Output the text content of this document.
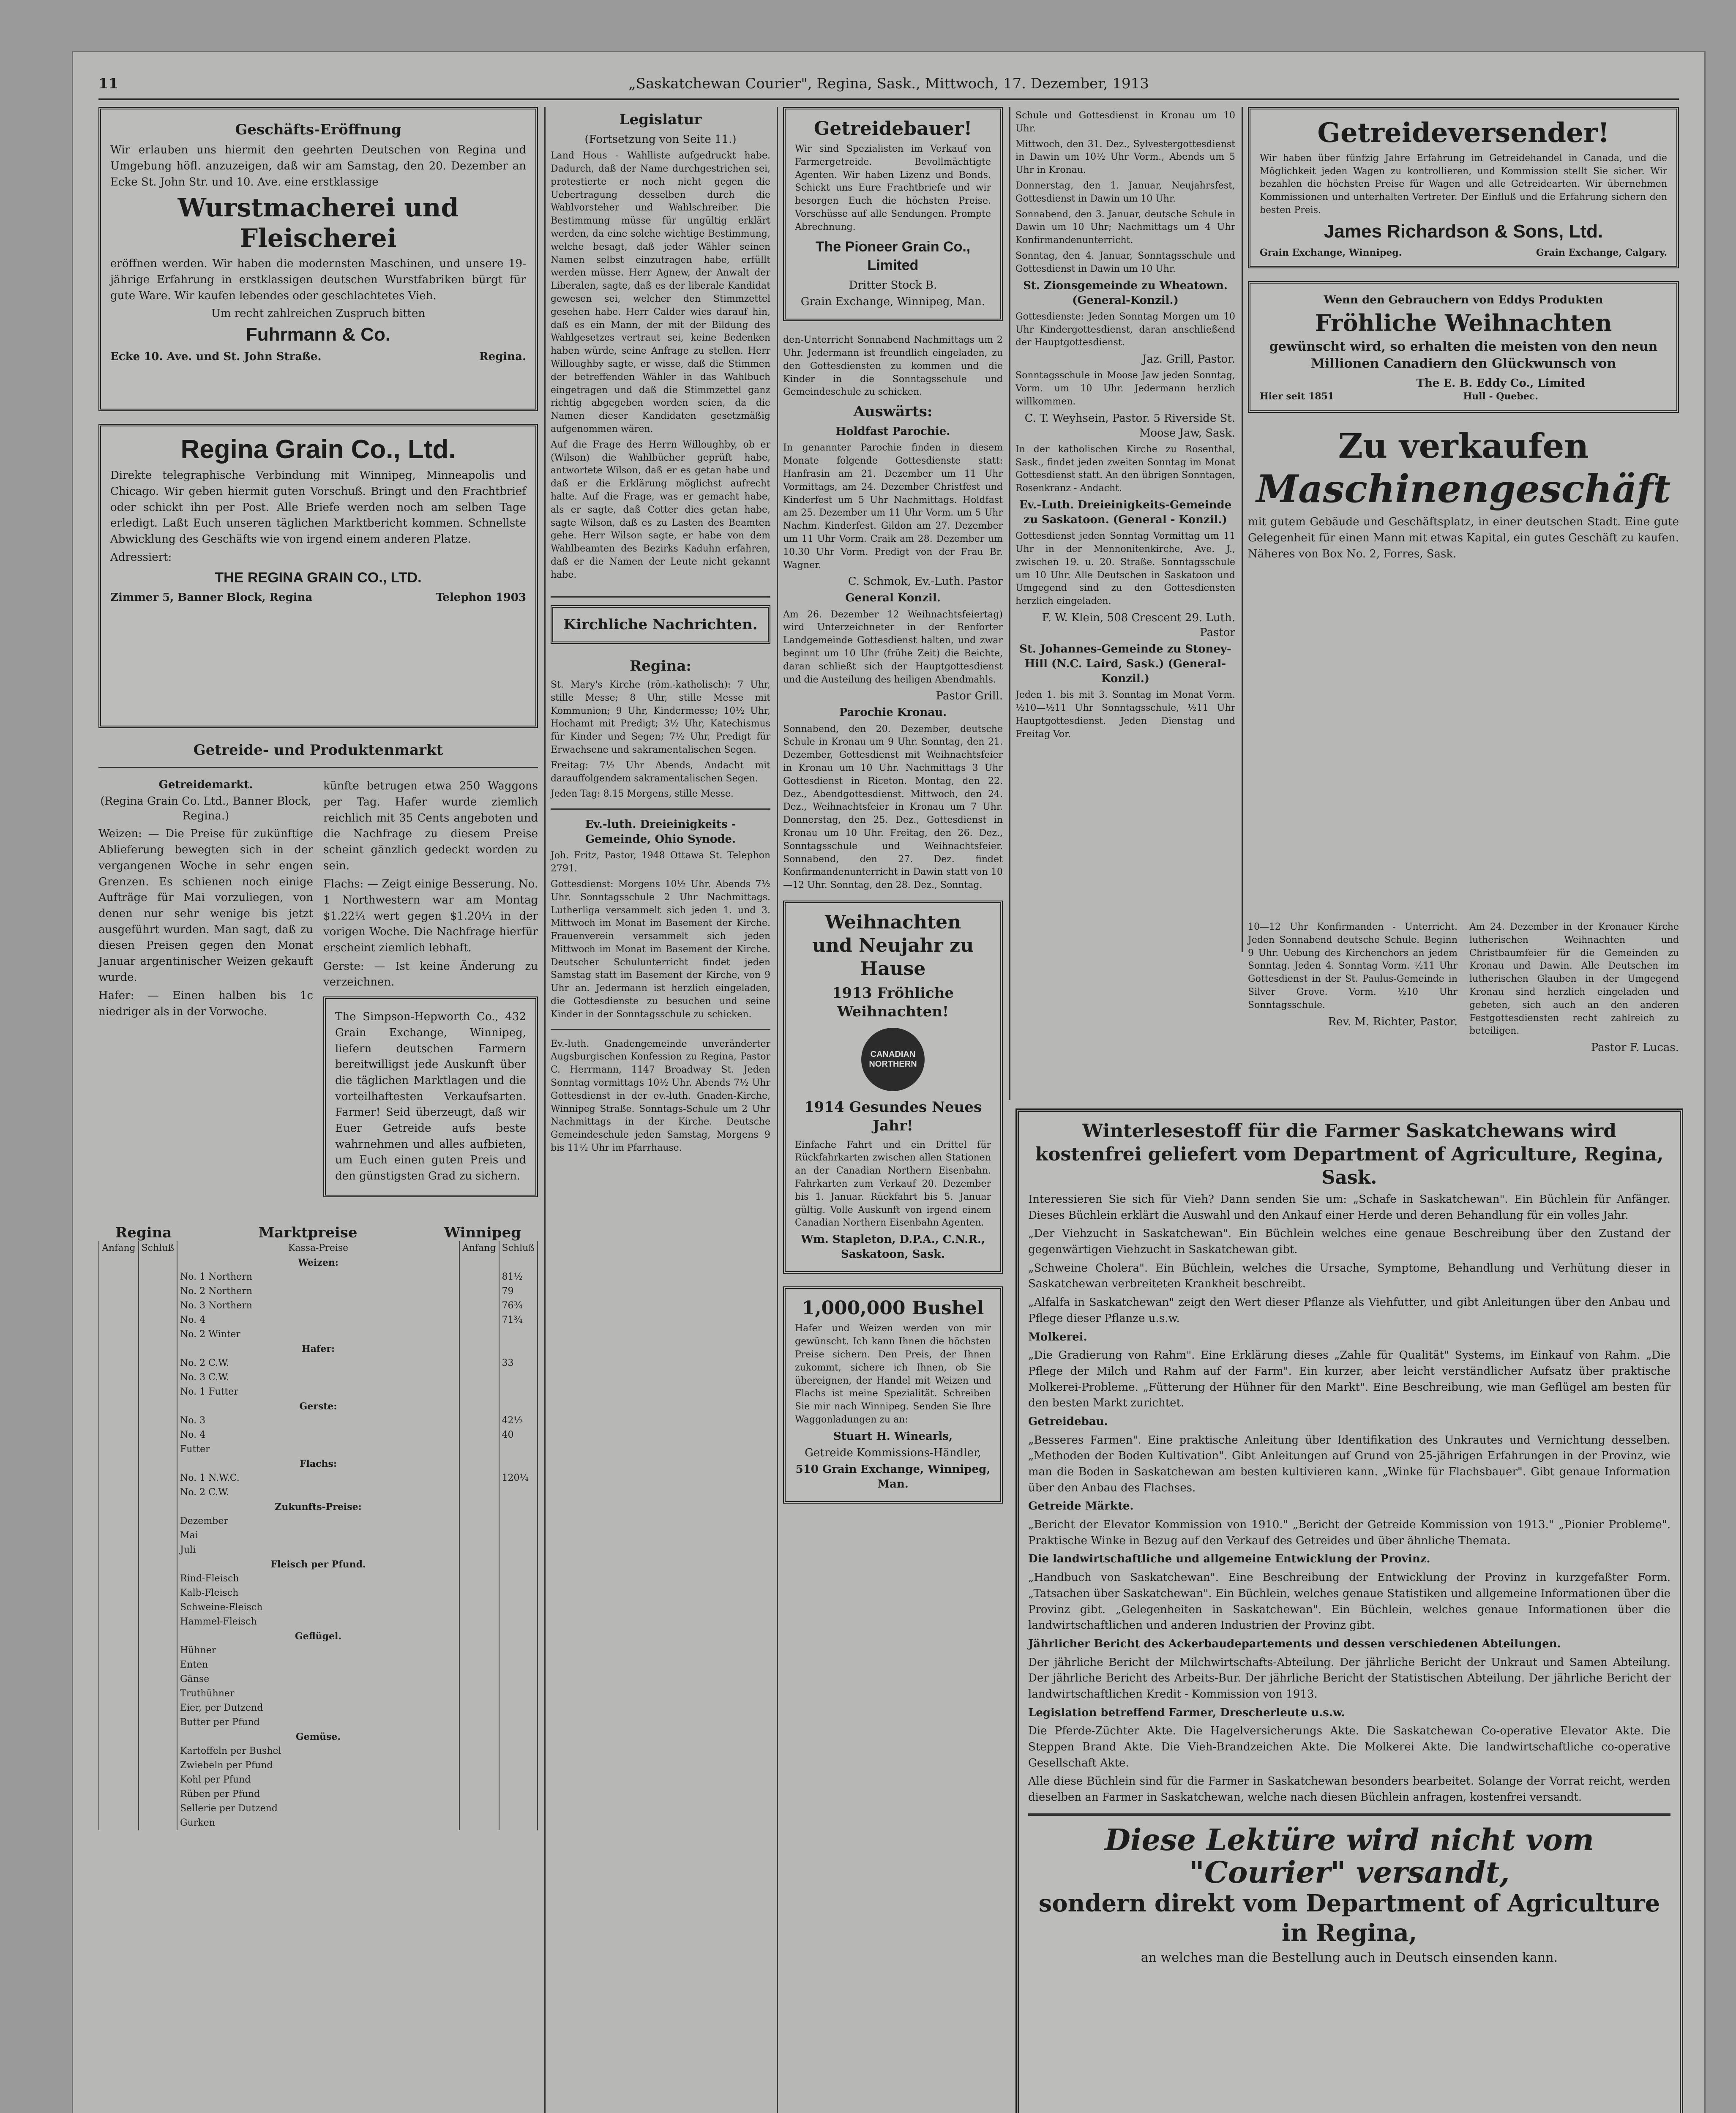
11	„Saskatchewan Courier", Regina, Sask., Mittwoch, 17. Dezember, 1913
Geschäfts-Eröffnung
Wir erlauben uns hiermit den geehrten Deutschen von Regina und Umgebung höfl. anzuzeigen, daß wir am Samstag, den 20. Dezember an Ecke St. John Str. und 10. Ave. eine erstklassige
Wurstmacherei und Fleischerei
eröffnen werden. Wir haben die modernsten Maschinen, und unsere 19-jährige Erfahrung in erstklassigen deutschen Wurstfabriken bürgt für gute Ware. Wir kaufen lebendes oder geschlachtetes Vieh.
Um recht zahlreichen Zuspruch bitten
Fuhrmann & Co.
Ecke 10. Ave. und St. John Straße.	Regina.
Regina Grain Co., Ltd.
Direkte telegraphische Verbindung mit Winnipeg, Minneapolis und Chicago. Wir geben hiermit guten Vorschuß. Bringt und den Frachtbrief oder schickt ihn per Post. Alle Briefe werden noch am selben Tage erledigt. Laßt Euch unseren täglichen Marktbericht kommen. Schnellste Abwicklung des Geschäfts wie von irgend einem anderen Platze.
Adressiert:
THE REGINA GRAIN CO., LTD.
Zimmer 5, Banner Block, Regina	Telephon 1903
Getreide- und Produktenmarkt
Getreidemarkt.
(Regina Grain Co. Ltd., Banner Block, Regina.)
Weizen: — Die Preise für zukünftige Ablieferung bewegten sich in der vergangenen Woche in sehr engen Grenzen. Es schienen noch einige Aufträge für Mai vorzuliegen, von denen nur sehr wenige bis jetzt ausgeführt wurden. Man sagt, daß zu diesen Preisen gegen den Monat Januar argentinischer Weizen gekauft wurde.
Hafer: — Einen halben bis 1c niedriger als in der Vorwoche.
künfte betrugen etwa 250 Waggons per Tag. Hafer wurde ziemlich reichlich mit 35 Cents angeboten und die Nachfrage zu diesem Preise scheint gänzlich gedeckt worden zu sein.
Flachs: — Zeigt einige Besserung. No. 1 Northwestern war am Montag $1.22¼ wert gegen $1.20¼ in der vorigen Woche. Die Nachfrage hierfür erscheint ziemlich lebhaft.
Gerste: — Ist keine Änderung zu verzeichnen.
The Simpson-Hepworth Co., 432 Grain Exchange, Winnipeg, liefern deutschen Farmern bereitwilligst jede Auskunft über die täglichen Marktlagen und die vorteilhaftesten Verkaufsarten. Farmer! Seid überzeugt, daß wir Euer Getreide aufs beste wahrnehmen und alles aufbieten, um Euch einen guten Preis und den günstigsten Grad zu sichern.
Regina	Marktpreise	Winnipeg
Anfang	Schluß	Kassa-Preise	Anfang	Schluß
		Weizen:		
		No. 1 Northern		81½
		No. 2 Northern		79
		No. 3 Northern		76¾
		No. 4		71¾
		No. 2 Winter		
		Hafer:		
		No. 2 C.W.		33
		No. 3 C.W.		
		No. 1 Futter		
		Gerste:		
		No. 3		42½
		No. 4		40
		Futter		
		Flachs:		
		No. 1 N.W.C.		120¼
		No. 2 C.W.		
		Zukunfts-Preise:		
		Dezember		
		Mai		
		Juli		
		Fleisch per Pfund.		
		Rind-Fleisch		
		Kalb-Fleisch		
		Schweine-Fleisch		
		Hammel-Fleisch		
		Geflügel.		
		Hühner		
		Enten		
		Gänse		
		Truthühner		
		Eier, per Dutzend		
		Butter per Pfund		
		Gemüse.		
		Kartoffeln per Bushel		
		Zwiebeln per Pfund		
		Kohl per Pfund		
		Rüben per Pfund		
		Sellerie per Dutzend		
		Gurken		
Legislatur
(Fortsetzung von Seite 11.)
Land Hous - Wahlliste aufgedruckt habe. Dadurch, daß der Name durchgestrichen sei, protestierte er noch nicht gegen die Uebertragung desselben durch die Wahlvorsteher und Wahlschreiber. Die Bestimmung müsse für ungültig erklärt werden, da eine solche wichtige Bestimmung, welche besagt, daß jeder Wähler seinen Namen selbst einzutragen habe, erfüllt werden müsse. Herr Agnew, der Anwalt der Liberalen, sagte, daß es der liberale Kandidat gewesen sei, welcher den Stimmzettel gesehen habe. Herr Calder wies darauf hin, daß es ein Mann, der mit der Bildung des Wahlgesetzes vertraut sei, keine Bedenken haben würde, seine Anfrage zu stellen. Herr Willoughby sagte, er wisse, daß die Stimmen der betreffenden Wähler in das Wahlbuch eingetragen und daß die Stimmzettel ganz richtig abgegeben worden seien, da die Namen dieser Kandidaten gesetzmäßig aufgenommen wären.
Auf die Frage des Herrn Willoughby, ob er (Wilson) die Wahlbücher geprüft habe, antwortete Wilson, daß er es getan habe und daß er die Erklärung möglichst aufrecht halte. Auf die Frage, was er gemacht habe, als er sagte, daß Cotter dies getan habe, sagte Wilson, daß es zu Lasten des Beamten gehe. Herr Wilson sagte, er habe von dem Wahlbeamten des Bezirks Kaduhn erfahren, daß er die Namen der Leute nicht gekannt habe.
Kirchliche Nachrichten.
Regina:
St. Mary's Kirche (röm.-katholisch): 7 Uhr, stille Messe; 8 Uhr, stille Messe mit Kommunion; 9 Uhr, Kindermesse; 10½ Uhr, Hochamt mit Predigt; 3½ Uhr, Katechismus für Kinder und Segen; 7½ Uhr, Predigt für Erwachsene und sakramentalischen Segen.
Freitag: 7½ Uhr Abends, Andacht mit darauffolgendem sakramentalischen Segen.
Jeden Tag: 8.15 Morgens, stille Messe.
Ev.-luth. Dreieinigkeits - Gemeinde, Ohio Synode.
Joh. Fritz, Pastor, 1948 Ottawa St. Telephon 2791.
Gottesdienst: Morgens 10½ Uhr. Abends 7½ Uhr. Sonntagsschule 2 Uhr Nachmittags. Lutherliga versammelt sich jeden 1. und 3. Mittwoch im Monat im Basement der Kirche. Frauenverein versammelt sich jeden Mittwoch im Monat im Basement der Kirche. Deutscher Schulunterricht findet jeden Samstag statt im Basement der Kirche, von 9 Uhr an. Jedermann ist herzlich eingeladen, die Gottesdienste zu besuchen und seine Kinder in der Sonntagsschule zu schicken.
Ev.-luth. Gnadengemeinde unveränderter Augsburgischen Konfession zu Regina, Pastor C. Herrmann, 1147 Broadway St. Jeden Sonntag vormittags 10½ Uhr. Abends 7½ Uhr Gottesdienst in der ev.-luth. Gnaden-Kirche, Winnipeg Straße. Sonntags-Schule um 2 Uhr Nachmittags in der Kirche. Deutsche Gemeindeschule jeden Samstag, Morgens 9 bis 11½ Uhr im Pfarrhause.
Getreidebauer!
Wir sind Spezialisten im Verkauf von Farmergetreide. Bevollmächtigte Agenten. Wir haben Lizenz und Bonds. Schickt uns Eure Frachtbriefe und wir besorgen Euch die höchsten Preise. Vorschüsse auf alle Sendungen. Prompte Abrechnung.
The Pioneer Grain Co., Limited
Dritter Stock B.
Grain Exchange, Winnipeg, Man.
den-Unterricht Sonnabend Nachmittags um 2 Uhr. Jedermann ist freundlich eingeladen, zu den Gottesdiensten zu kommen und die Kinder in die Sonntagsschule und Gemeindeschule zu schicken.
Auswärts:
Holdfast Parochie.
In genannter Parochie finden in diesem Monate folgende Gottesdienste statt: Hanfrasin am 21. Dezember um 11 Uhr Vormittags, am 24. Dezember Christfest und Kinderfest um 5 Uhr Nachmittags. Holdfast am 25. Dezember um 11 Uhr Vorm. um 5 Uhr Nachm. Kinderfest. Gildon am 27. Dezember um 11 Uhr Vorm. Craik am 28. Dezember um 10.30 Uhr Vorm. Predigt von der Frau Br. Wagner.
C. Schmok, Ev.-Luth. Pastor
General Konzil.
Am 26. Dezember 12 Weihnachtsfeiertag) wird Unterzeichneter in der Renforter Landgemeinde Gottesdienst halten, und zwar beginnt um 10 Uhr (frühe Zeit) die Beichte, daran schließt sich der Hauptgottesdienst und die Austeilung des heiligen Abendmahls.
Pastor Grill.
Parochie Kronau.
Sonnabend, den 20. Dezember, deutsche Schule in Kronau um 9 Uhr. Sonntag, den 21. Dezember, Gottesdienst mit Weihnachtsfeier in Kronau um 10 Uhr. Nachmittags 3 Uhr Gottesdienst in Riceton. Montag, den 22. Dez., Abendgottesdienst. Mittwoch, den 24. Dez., Weihnachtsfeier in Kronau um 7 Uhr. Donnerstag, den 25. Dez., Gottesdienst in Kronau um 10 Uhr. Freitag, den 26. Dez., Sonntagsschule und Weihnachtsfeier. Sonnabend, den 27. Dez. findet Konfirmandenunterricht in Dawin statt von 10—12 Uhr. Sonntag, den 28. Dez., Sonntag.
Weihnachten
und Neujahr zu Hause
1913 Fröhliche Weihnachten!
CANADIAN NORTHERN
1914 Gesundes Neues Jahr!
Einfache Fahrt und ein Drittel für Rückfahrkarten zwischen allen Stationen an der Canadian Northern Eisenbahn. Fahrkarten zum Verkauf 20. Dezember bis 1. Januar. Rückfahrt bis 5. Januar gültig. Volle Auskunft von irgend einem Canadian Northern Eisenbahn Agenten.
Wm. Stapleton, D.P.A., C.N.R., Saskatoon, Sask.
1,000,000 Bushel
Hafer und Weizen werden von mir gewünscht. Ich kann Ihnen die höchsten Preise sichern. Den Preis, der Ihnen zukommt, sichere ich Ihnen, ob Sie übereignen, der Handel mit Weizen und Flachs ist meine Spezialität. Schreiben Sie mir nach Winnipeg. Senden Sie Ihre Waggonladungen zu an:
Stuart H. Winearls,
Getreide Kommissions-Händler,
510 Grain Exchange, Winnipeg, Man.
Schule und Gottesdienst in Kronau um 10 Uhr.
Mittwoch, den 31. Dez., Sylvestergottesdienst in Dawin um 10½ Uhr Vorm., Abends um 5 Uhr in Kronau.
Donnerstag, den 1. Januar, Neujahrsfest, Gottesdienst in Dawin um 10 Uhr.
Sonnabend, den 3. Januar, deutsche Schule in Dawin um 10 Uhr; Nachmittags um 4 Uhr Konfirmandenunterricht.
Sonntag, den 4. Januar, Sonntagsschule und Gottesdienst in Dawin um 10 Uhr.
St. Zionsgemeinde zu Wheatown. (General-Konzil.)
Gottesdienste: Jeden Sonntag Morgen um 10 Uhr Kindergottesdienst, daran anschließend der Hauptgottesdienst.
Jaz. Grill, Pastor.
Sonntagsschule in Moose Jaw jeden Sonntag, Vorm. um 10 Uhr. Jedermann herzlich willkommen.
C. T. Weyhsein, Pastor. 5 Riverside St. Moose Jaw, Sask.
In der katholischen Kirche zu Rosenthal, Sask., findet jeden zweiten Sonntag im Monat Gottesdienst statt. An den übrigen Sonntagen, Rosenkranz - Andacht.
Ev.-Luth. Dreieinigkeits-Gemeinde zu Saskatoon. (General - Konzil.)
Gottesdienst jeden Sonntag Vormittag um 11 Uhr in der Mennonitenkirche, Ave. J., zwischen 19. u. 20. Straße. Sonntagsschule um 10 Uhr. Alle Deutschen in Saskatoon und Umgegend sind zu den Gottesdiensten herzlich eingeladen.
F. W. Klein, 508 Crescent 29. Luth. Pastor
St. Johannes-Gemeinde zu Stoney-Hill (N.C. Laird, Sask.) (General-Konzil.)
Jeden 1. bis mit 3. Sonntag im Monat Vorm. ½10—½11 Uhr Sonntagsschule, ½11 Uhr Hauptgottesdienst. Jeden Dienstag und Freitag Vor.
Getreideversender!
Wir haben über fünfzig Jahre Erfahrung im Getreidehandel in Canada, und die Möglichkeit jeden Wagen zu kontrollieren, und Kommission stellt Sie sicher. Wir bezahlen die höchsten Preise für Wagen und alle Getreidearten. Wir übernehmen Kommissionen und unterhalten Vertreter. Der Einfluß und die Erfahrung sichern den besten Preis.
James Richardson & Sons, Ltd.
Grain Exchange, Winnipeg.	Grain Exchange, Calgary.
Wenn den Gebrauchern von Eddys Produkten
Fröhliche Weihnachten
gewünscht wird, so erhalten die meisten von den neun Millionen Canadiern den Glückwunsch von
Hier seit 1851
The E. B. Eddy Co., Limited
Hull - Quebec.
Zu verkaufen
Maschinengeschäft
mit gutem Gebäude und Geschäftsplatz, in einer deutschen Stadt. Eine gute Gelegenheit für einen Mann mit etwas Kapital, ein gutes Geschäft zu kaufen. Näheres von Box No. 2, Forres, Sask.
10—12 Uhr Konfirmanden - Unterricht. Jeden Sonnabend deutsche Schule. Beginn 9 Uhr. Uebung des Kirchenchors an jedem Sonntag. Jeden 4. Sonntag Vorm. ½11 Uhr Gottesdienst in der St. Paulus-Gemeinde in Silver Grove. Vorm. ½10 Uhr Sonntagsschule.
Rev. M. Richter, Pastor.
Am 24. Dezember in der Kronauer Kirche lutherischen Weihnachten und Christbaumfeier für die Gemeinden zu Kronau und Dawin. Alle Deutschen im lutherischen Glauben in der Umgegend Kronau sind herzlich eingeladen und gebeten, sich auch an den anderen Festgottesdiensten recht zahlreich zu beteiligen.
Pastor F. Lucas.
Winterlesestoff für die Farmer Saskatchewans wird kostenfrei geliefert vom Department of Agriculture, Regina, Sask.
Interessieren Sie sich für Vieh? Dann senden Sie um: „Schafe in Saskatchewan". Ein Büchlein für Anfänger. Dieses Büchlein erklärt die Auswahl und den Ankauf einer Herde und deren Behandlung für ein volles Jahr.
„Der Viehzucht in Saskatchewan". Ein Büchlein welches eine genaue Beschreibung über den Zustand der gegenwärtigen Viehzucht in Saskatchewan gibt.
„Schweine Cholera". Ein Büchlein, welches die Ursache, Symptome, Behandlung und Verhütung dieser in Saskatchewan verbreiteten Krankheit beschreibt.
„Alfalfa in Saskatchewan" zeigt den Wert dieser Pflanze als Viehfutter, und gibt Anleitungen über den Anbau und Pflege dieser Pflanze u.s.w.
Molkerei.
„Die Gradierung von Rahm". Eine Erklärung dieses „Zahle für Qualität" Systems, im Einkauf von Rahm. „Die Pflege der Milch und Rahm auf der Farm". Ein kurzer, aber leicht verständlicher Aufsatz über praktische Molkerei-Probleme. „Fütterung der Hühner für den Markt". Eine Beschreibung, wie man Geflügel am besten für den besten Markt zurichtet.
Getreidebau.
„Besseres Farmen". Eine praktische Anleitung über Identifikation des Unkrautes und Vernichtung desselben. „Methoden der Boden Kultivation". Gibt Anleitungen auf Grund von 25-jährigen Erfahrungen in der Provinz, wie man die Boden in Saskatchewan am besten kultivieren kann. „Winke für Flachsbauer". Gibt genaue Information über den Anbau des Flachses.
Getreide Märkte.
„Bericht der Elevator Kommission von 1910." „Bericht der Getreide Kommission von 1913." „Pionier Probleme". Praktische Winke in Bezug auf den Verkauf des Getreides und über ähnliche Themata.
Die landwirtschaftliche und allgemeine Entwicklung der Provinz.
„Handbuch von Saskatchewan". Eine Beschreibung der Entwicklung der Provinz in kurzgefaßter Form. „Tatsachen über Saskatchewan". Ein Büchlein, welches genaue Statistiken und allgemeine Informationen über die Provinz gibt. „Gelegenheiten in Saskatchewan". Ein Büchlein, welches genaue Informationen über die landwirtschaftlichen und anderen Industrien der Provinz gibt.
Jährlicher Bericht des Ackerbaudepartements und dessen verschiedenen Abteilungen.
Der jährliche Bericht der Milchwirtschafts-Abteilung. Der jährliche Bericht der Unkraut und Samen Abteilung. Der jährliche Bericht des Arbeits-Bur. Der jährliche Bericht der Statistischen Abteilung. Der jährliche Bericht der landwirtschaftlichen Kredit - Kommission von 1913.
Legislation betreffend Farmer, Drescherleute u.s.w.
Die Pferde-Züchter Akte. Die Hagelversicherungs Akte. Die Saskatchewan Co-operative Elevator Akte. Die Steppen Brand Akte. Die Vieh-Brandzeichen Akte. Die Molkerei Akte. Die landwirtschaftliche co-operative Gesellschaft Akte.
Alle diese Büchlein sind für die Farmer in Saskatchewan besonders bearbeitet. Solange der Vorrat reicht, werden dieselben an Farmer in Saskatchewan, welche nach diesen Büchlein anfragen, kostenfrei versandt.
Diese Lektüre wird nicht vom "Courier" versandt,
sondern direkt vom Department of Agriculture in Regina,
an welches man die Bestellung auch in Deutsch einsenden kann.
